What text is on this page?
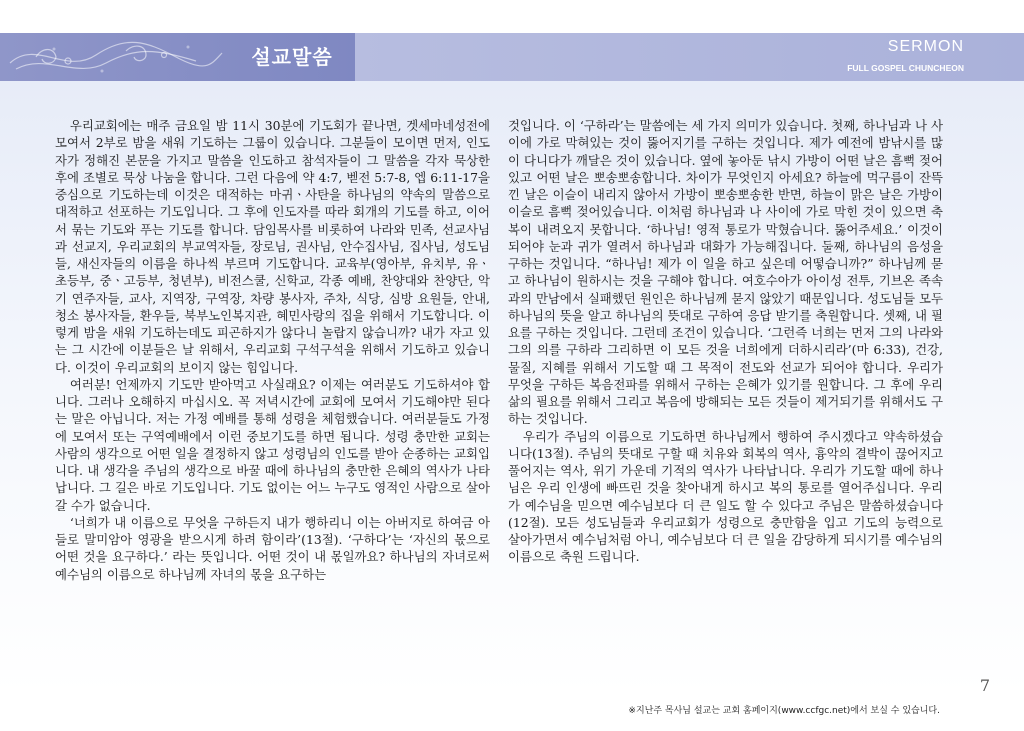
설교말씀	SERMON
FULL GOSPEL CHUNCHEON

우리교회에는 매주 금요일 밤 11시 30분에 기도회가 끝나면, 겟세마네성전에 모여서 2부로 밤을 새워 기도하는 그룹이 있습니다. 그분들이 모이면 먼저, 인도자가 정해진 본문을 가지고 말씀을 인도하고 참석자들이 그 말씀을 각자 묵상한 후에 조별로 묵상 나눔을 합니다. 그런 다음에 약 4:7, 벧전 5:7-8, 엡 6:11-17을 중심으로 기도하는데 이것은 대적하는 마귀ㆍ사탄을 하나님의 약속의 말씀으로 대적하고 선포하는 기도입니다. 그 후에 인도자를 따라 회개의 기도를 하고, 이어서 묶는 기도와 푸는 기도를 합니다. 담임목사를 비롯하여 나라와 민족, 선교사님과 선교지, 우리교회의 부교역자들, 장로님, 권사님, 안수집사님, 집사님, 성도님들, 새신자들의 이름을 하나씩 부르며 기도합니다. 교육부(영아부, 유치부, 유ㆍ초등부, 중ㆍ고등부, 청년부), 비전스쿨, 신학교, 각종 예배, 찬양대와 찬양단, 악기 연주자들, 교사, 지역장, 구역장, 차량 봉사자, 주차, 식당, 심방 요원들, 안내, 청소 봉사자들, 환우들, 북부노인복지관, 혜민사랑의 집을 위해서 기도합니다. 이렇게 밤을 새워 기도하는데도 피곤하지가 않다니 놀랍지 않습니까? 내가 자고 있는 그 시간에 이분들은 날 위해서, 우리교회 구석구석을 위해서 기도하고 있습니다. 이것이 우리교회의 보이지 않는 힘입니다.

여러분! 언제까지 기도만 받아먹고 사실래요? 이제는 여러분도 기도하셔야 합니다. 그러나 오해하지 마십시오. 꼭 저녁시간에 교회에 모여서 기도해야만 된다는 말은 아닙니다. 저는 가정 예배를 통해 성령을 체험했습니다. 여러분들도 가정에 모여서 또는 구역예배에서 이런 중보기도를 하면 됩니다. 성령 충만한 교회는 사람의 생각으로 어떤 일을 결정하지 않고 성령님의 인도를 받아 순종하는 교회입니다. 내 생각을 주님의 생각으로 바꿀 때에 하나님의 충만한 은혜의 역사가 나타납니다. 그 길은 바로 기도입니다. 기도 없이는 어느 누구도 영적인 사람으로 살아갈 수가 없습니다.

‘너희가 내 이름으로 무엇을 구하든지 내가 행하리니 이는 아버지로 하여금 아들로 말미암아 영광을 받으시게 하려 함이라’(13절). ‘구하다’는 ‘자신의 몫으로 어떤 것을 요구하다.’ 라는 뜻입니다. 어떤 것이 내 몫일까요? 하나님의 자녀로써 예수님의 이름으로 하나님께 자녀의 몫을 요구하는

것입니다. 이 ‘구하라’는 말씀에는 세 가지 의미가 있습니다. 첫째, 하나님과 나 사이에 가로 막혀있는 것이 뚫어지기를 구하는 것입니다. 제가 예전에 밤낚시를 많이 다니다가 깨달은 것이 있습니다. 옆에 놓아둔 낚시 가방이 어떤 날은 흠뻑 젖어 있고 어떤 날은 뽀송뽀송합니다. 차이가 무엇인지 아세요? 하늘에 먹구름이 잔뜩 낀 날은 이슬이 내리지 않아서 가방이 뽀송뽀송한 반면, 하늘이 맑은 날은 가방이 이슬로 흠뻑 젖어있습니다. 이처럼 하나님과 나 사이에 가로 막힌 것이 있으면 축복이 내려오지 못합니다. ‘하나님! 영적 통로가 막혔습니다. 뚫어주세요.’ 이것이 되어야 눈과 귀가 열려서 하나님과 대화가 가능해집니다. 둘째, 하나님의 음성을 구하는 것입니다. “하나님! 제가 이 일을 하고 싶은데 어떻습니까?” 하나님께 묻고 하나님이 원하시는 것을 구해야 합니다. 여호수아가 아이성 전투, 기브온 족속과의 만남에서 실패했던 원인은 하나님께 묻지 않았기 때문입니다. 성도님들 모두 하나님의 뜻을 알고 하나님의 뜻대로 구하여 응답 받기를 축원합니다. 셋째, 내 필요를 구하는 것입니다. 그런데 조건이 있습니다. ‘그런즉 너희는 먼저 그의 나라와 그의 의를 구하라 그리하면 이 모든 것을 너희에게 더하시리라’(마 6:33), 건강, 물질, 지혜를 위해서 기도할 때 그 목적이 전도와 선교가 되어야 합니다. 우리가 무엇을 구하든 복음전파를 위해서 구하는 은혜가 있기를 원합니다. 그 후에 우리 삶의 필요를 위해서 그리고 복음에 방해되는 모든 것들이 제거되기를 위해서도 구하는 것입니다.

우리가 주님의 이름으로 기도하면 하나님께서 행하여 주시겠다고 약속하셨습니다(13절). 주님의 뜻대로 구할 때 치유와 회복의 역사, 흉악의 결박이 끊어지고 풀어지는 역사, 위기 가운데 기적의 역사가 나타납니다. 우리가 기도할 때에 하나님은 우리 인생에 빠뜨린 것을 찾아내게 하시고 복의 통로를 열어주십니다. 우리가 예수님을 믿으면 예수님보다 더 큰 일도 할 수 있다고 주님은 말씀하셨습니다(12절). 모든 성도님들과 우리교회가 성령으로 충만함을 입고 기도의 능력으로 살아가면서 예수님처럼 아니, 예수님보다 더 큰 일을 감당하게 되시기를 예수님의 이름으로 축원 드립니다.

7
※지난주 목사님 설교는 교회 홈페이지(www.ccfgc.net)에서 보실 수 있습니다.
